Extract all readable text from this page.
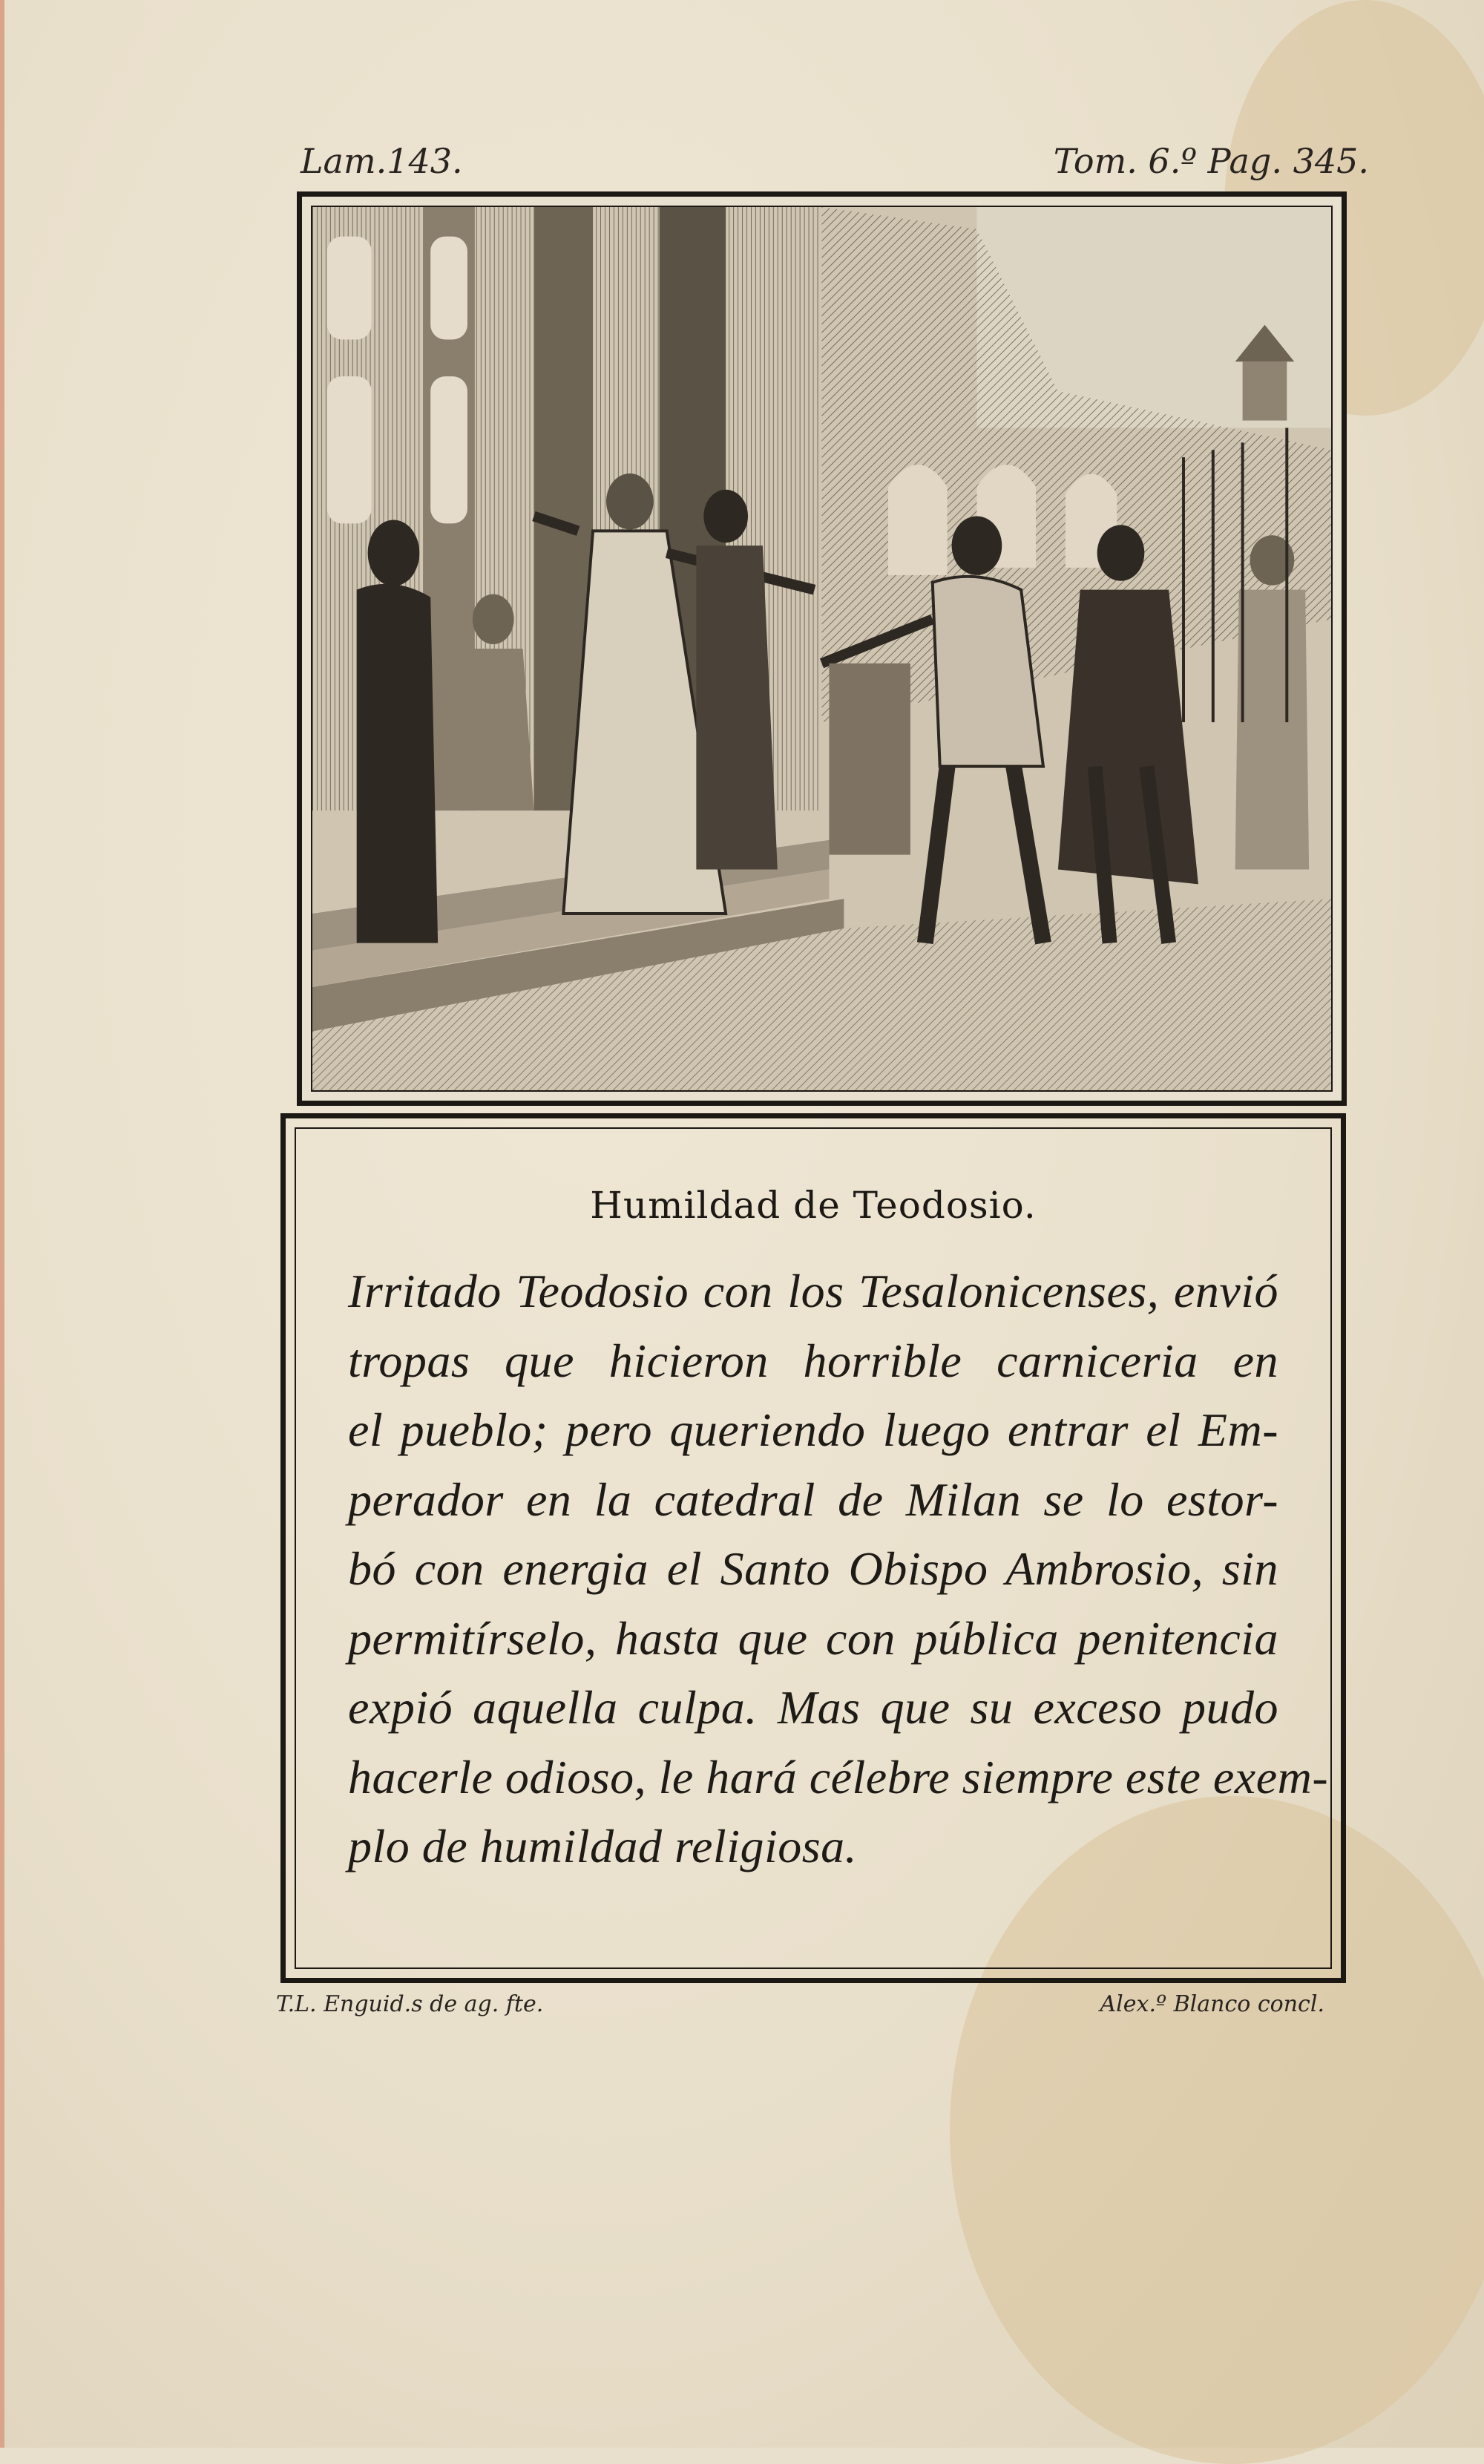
Lam.143.	Tom. 6.º Pag. 345.
Humildad de Teodosio.
Irritado Teodosio con los Tesalonicenses, envió
tropas que hicieron horrible carniceria en
el pueblo; pero queriendo luego entrar el Em-
perador en la catedral de Milan se lo estor-
bó con energia el Santo Obispo Ambrosio, sin
permitírselo, hasta que con pública penitencia
expió aquella culpa. Mas que su exceso pudo
hacerle odioso, le hará célebre siempre este exem-
plo de humildad religiosa.
T.L. Enguid.s de ag. fte.	Alex.º Blanco concl.
